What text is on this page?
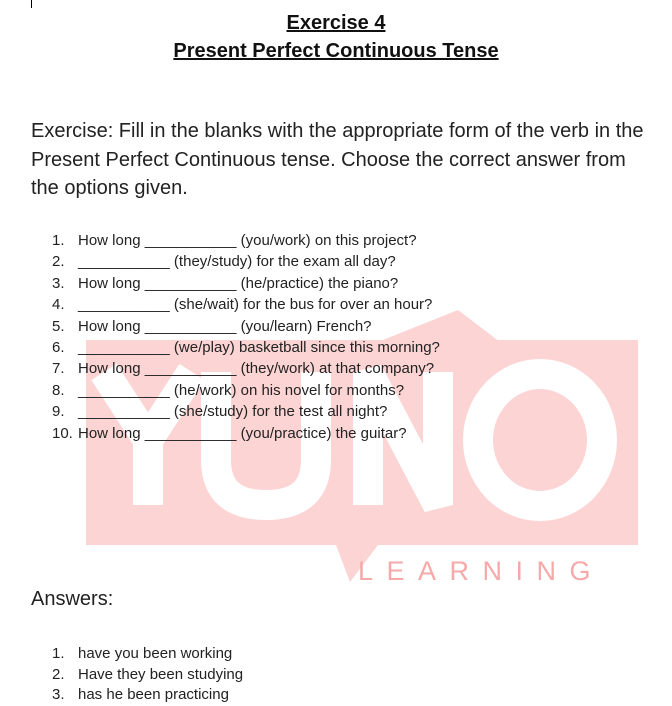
LEARNING
Exercise 4
Present Perfect Continuous Tense
Exercise: Fill in the blanks with the appropriate form of the verb in the Present Perfect Continuous tense. Choose the correct answer from the options given.
1. How long ___________ (you/work) on this project?
2. ___________ (they/study) for the exam all day?
3. How long ___________ (he/practice) the piano?
4. ___________ (she/wait) for the bus for over an hour?
5. How long ___________ (you/learn) French?
6. ___________ (we/play) basketball since this morning?
7. How long ___________ (they/work) at that company?
8. ___________ (he/work) on his novel for months?
9. ___________ (she/study) for the test all night?
10. How long ___________ (you/practice) the guitar?
Answers:
1. have you been working
2. Have they been studying
3. has he been practicing
